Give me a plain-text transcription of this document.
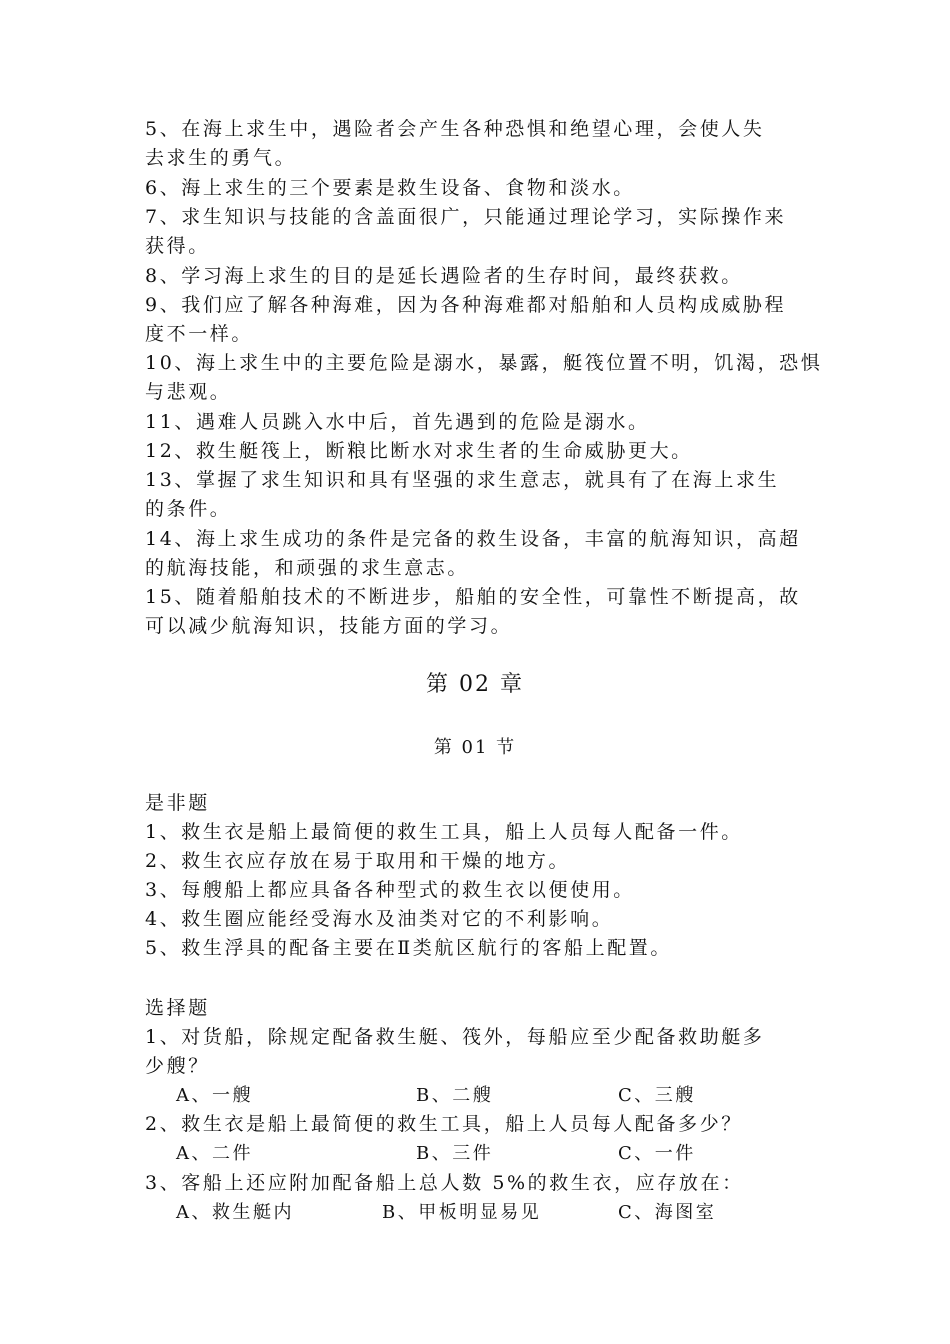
5、在海上求生中，遇险者会产生各种恐惧和绝望心理，会使人失
去求生的勇气。
6、海上求生的三个要素是救生设备、食物和淡水。
7、求生知识与技能的含盖面很广，只能通过理论学习，实际操作来
获得。
8、学习海上求生的目的是延长遇险者的生存时间，最终获救。
9、我们应了解各种海难，因为各种海难都对船舶和人员构成威胁程
度不一样。
10、海上求生中的主要危险是溺水，暴露，艇筏位置不明，饥渴，恐惧
与悲观。
11、遇难人员跳入水中后，首先遇到的危险是溺水。
12、救生艇筏上，断粮比断水对求生者的生命威胁更大。
13、掌握了求生知识和具有坚强的求生意志，就具有了在海上求生
的条件。
14、海上求生成功的条件是完备的救生设备，丰富的航海知识，高超
的航海技能，和顽强的求生意志。
15、随着船舶技术的不断进步，船舶的安全性，可靠性不断提高，故
可以减少航海知识，技能方面的学习。
第 02 章
第 01 节
是非题
1、救生衣是船上最简便的救生工具，船上人员每人配备一件。
2、救生衣应存放在易于取用和干燥的地方。
3、每艘船上都应具备各种型式的救生衣以便使用。
4、救生圈应能经受海水及油类对它的不利影响。
5、救生浮具的配备主要在Ⅱ类航区航行的客船上配置。
选择题
1、对货船，除规定配备救生艇、筏外，每船应至少配备救助艇多
少艘？
A、一艘	B、二艘	C、三艘
2、救生衣是船上最简便的救生工具，船上人员每人配备多少？
A、二件	B、三件	C、一件
3、客船上还应附加配备船上总人数 5%的救生衣，应存放在：
A、救生艇内	B、甲板明显易见	C、海图室
